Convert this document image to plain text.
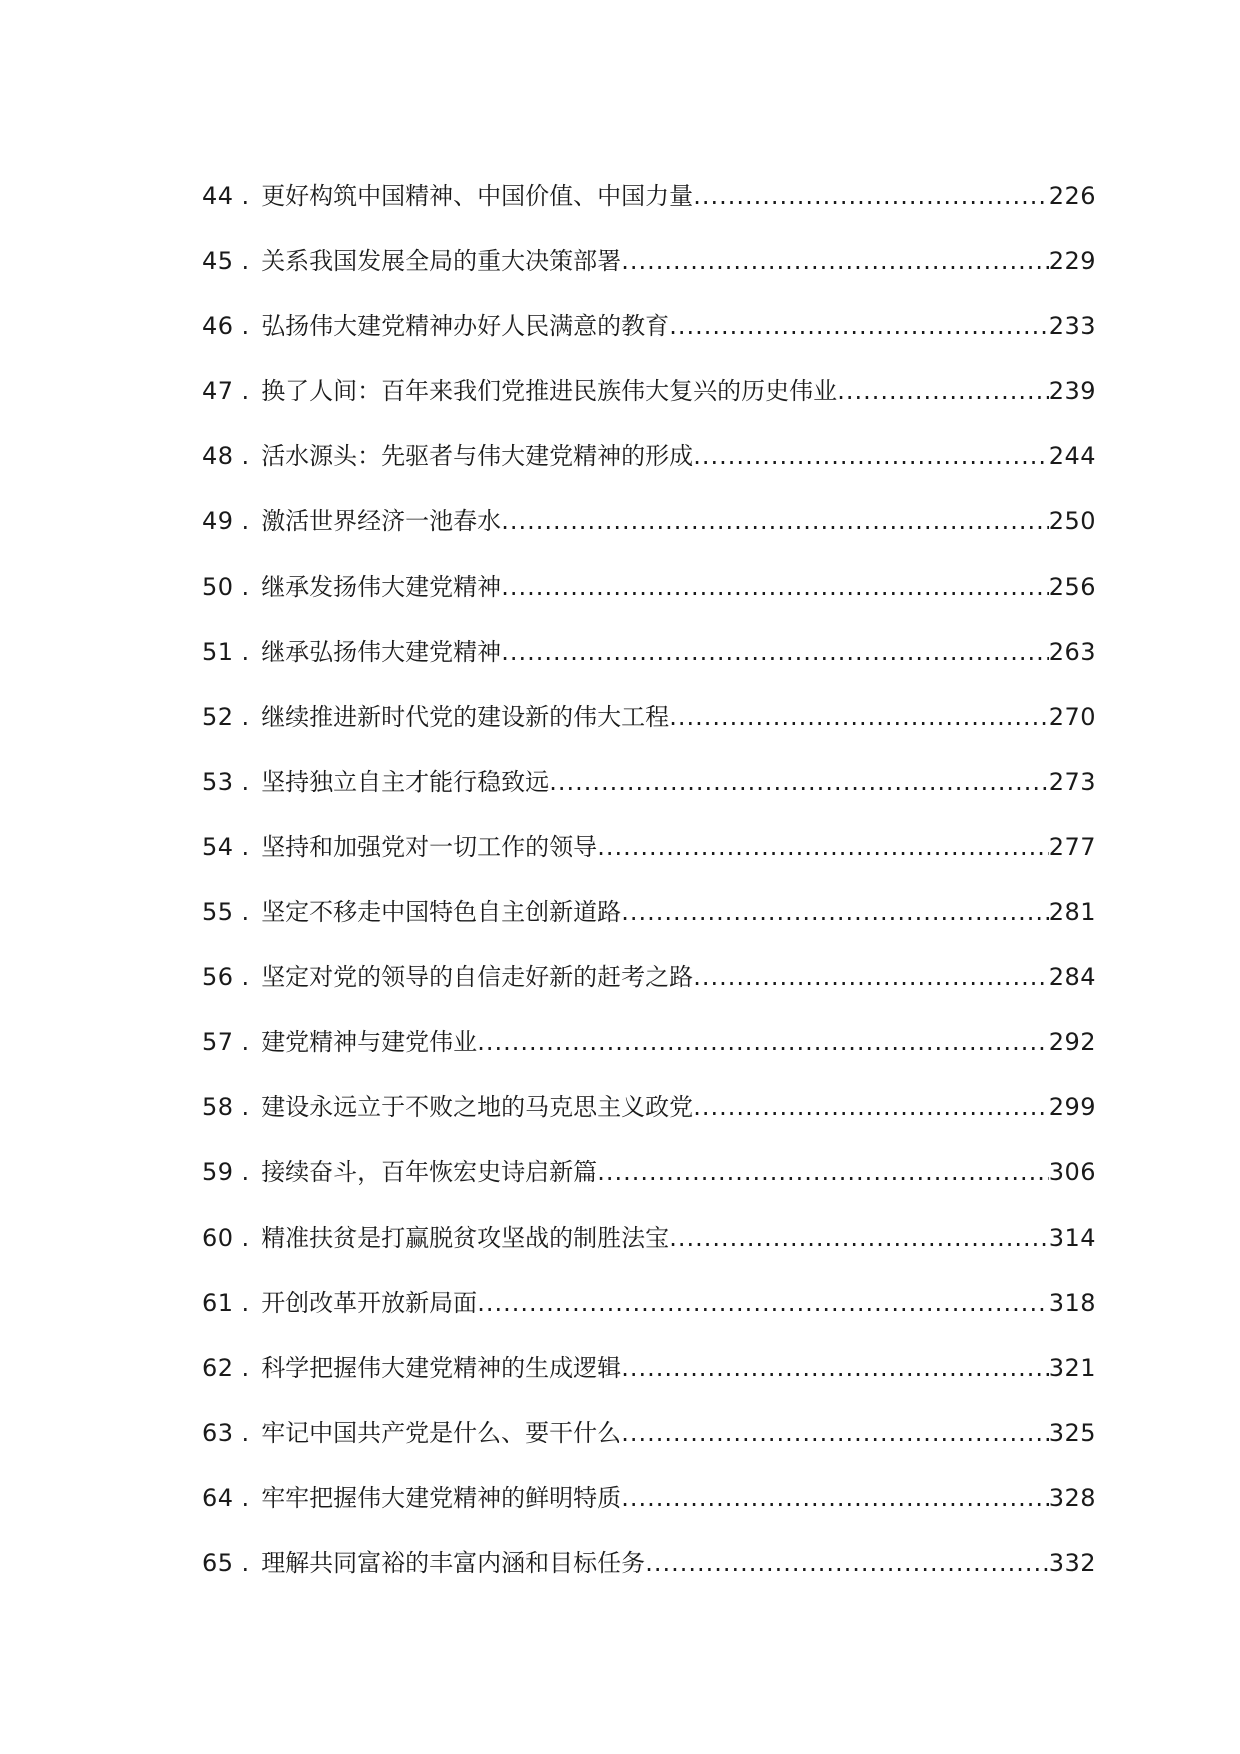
44 . 更好构筑中国精神、中国价值、中国力量 .....	226
45 . 关系我国发展全局的重大决策部署 .....	229
46 . 弘扬伟大建党精神办好人民满意的教育 .....	233
47 . 换了人间：百年来我们党推进民族伟大复兴的历史伟业 .....	239
48 . 活水源头：先驱者与伟大建党精神的形成 .....	244
49 . 激活世界经济一池春水 .....	250
50 . 继承发扬伟大建党精神 .....	256
51 . 继承弘扬伟大建党精神 .....	263
52 . 继续推进新时代党的建设新的伟大工程 .....	270
53 . 坚持独立自主才能行稳致远 .....	273
54 . 坚持和加强党对一切工作的领导 .....	277
55 . 坚定不移走中国特色自主创新道路 .....	281
56 . 坚定对党的领导的自信走好新的赶考之路 .....	284
57 . 建党精神与建党伟业 .....	292
58 . 建设永远立于不败之地的马克思主义政党 .....	299
59 . 接续奋斗，百年恢宏史诗启新篇 .....	306
60 . 精准扶贫是打赢脱贫攻坚战的制胜法宝 .....	314
61 . 开创改革开放新局面 .....	318
62 . 科学把握伟大建党精神的生成逻辑 .....	321
63 . 牢记中国共产党是什么、要干什么 .....	325
64 . 牢牢把握伟大建党精神的鲜明特质 .....	328
65 . 理解共同富裕的丰富内涵和目标任务 .....	332
